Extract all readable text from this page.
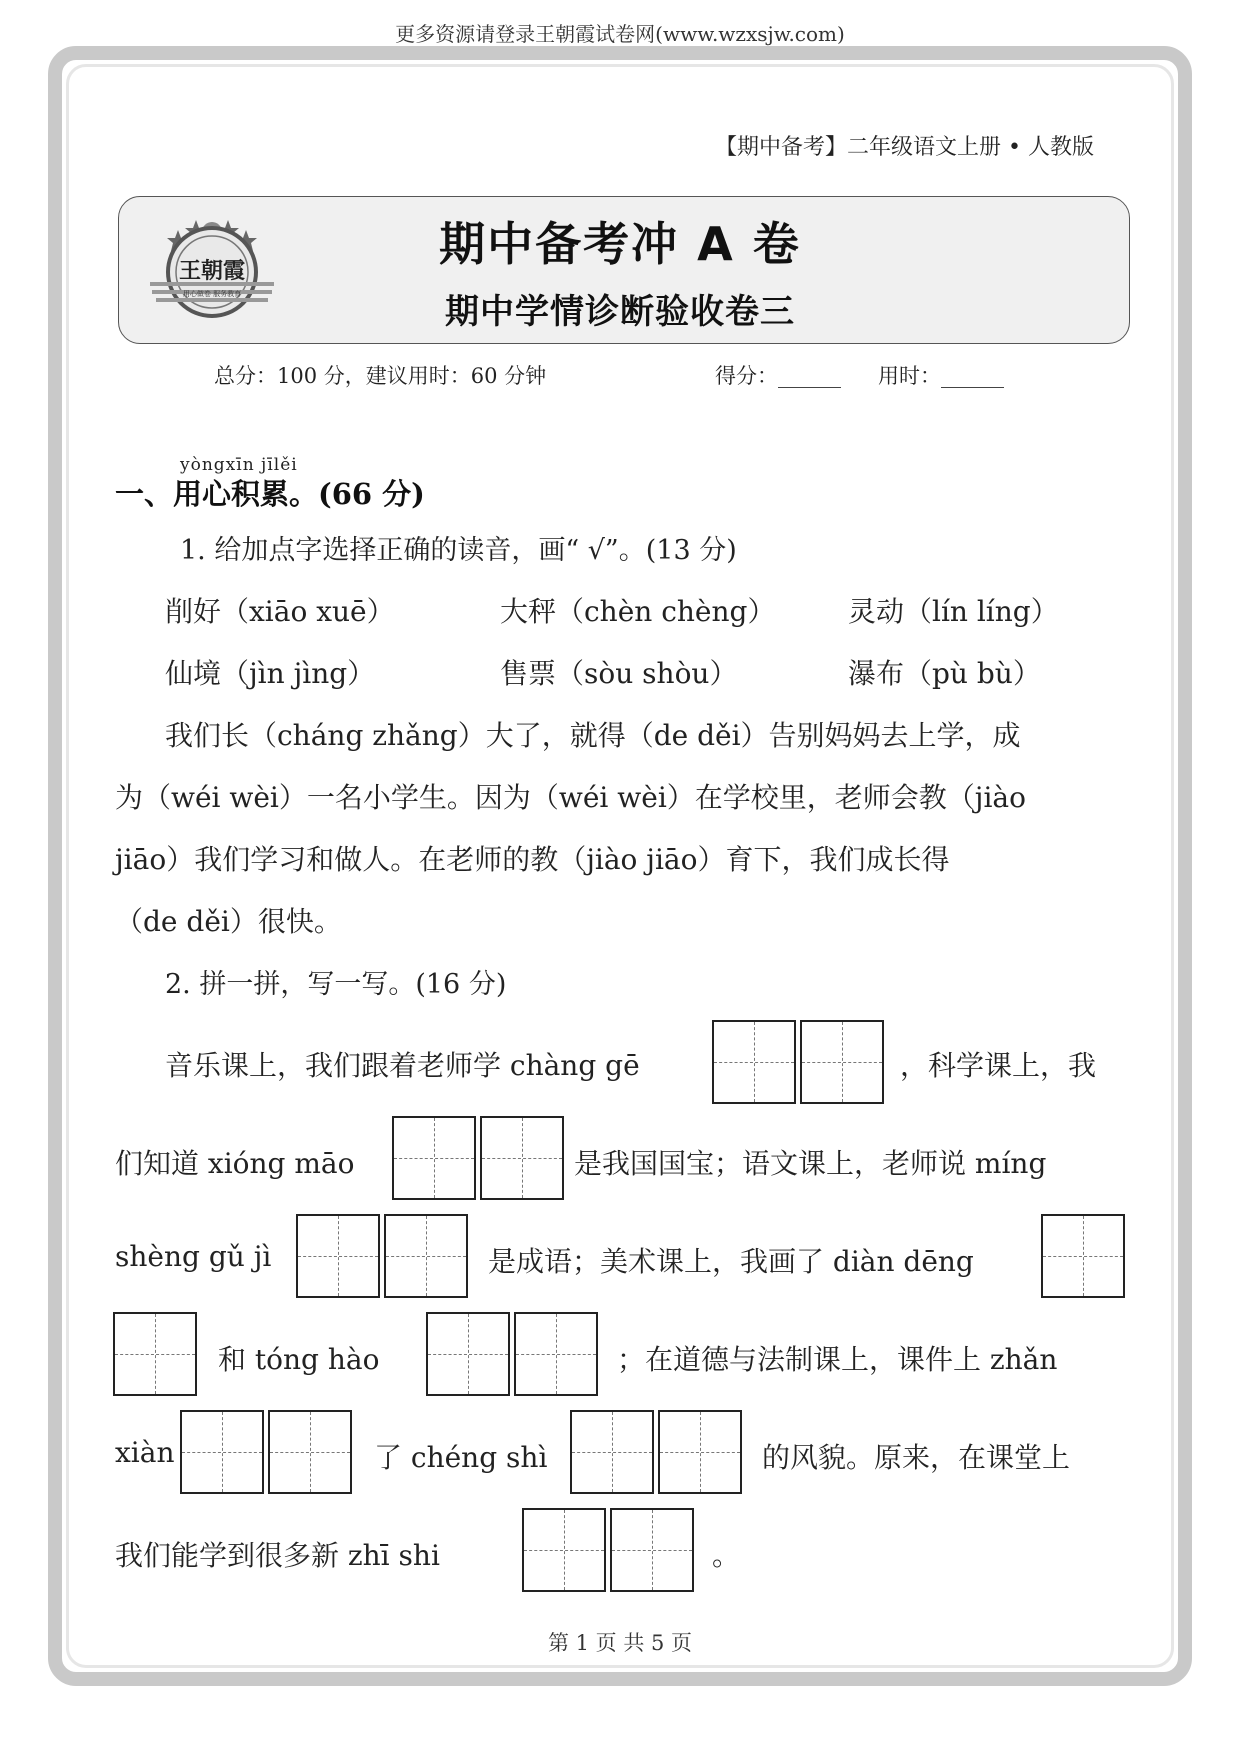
更多资源请登录王朝霞试卷网(www.wzxsjw.com)
【期中备考】二年级语文上册 • 人教版
王朝霞
用心做卷 服务教育
期中备考冲 A 卷
期中学情诊断验收卷三
总分：100 分，建议用时：60 分钟	得分：______ 用时：______
yòngxīn jīlěi
一、用心积累。(66 分)
1. 给加点字选择正确的读音，画“ √”。(13 分)
削好（xiāo xuē）	大秤（chèn chèng）	灵动（lín líng）
仙境（jìn jìng）	售票（sòu shòu）	瀑布（pù bù）
我们长（cháng zhǎng）大了，就得（de děi）告别妈妈去上学，成
为（wéi wèi）一名小学生。因为（wéi wèi）在学校里，老师会教（jiào
jiāo）我们学习和做人。在老师的教（jiào jiāo）育下，我们成长得
（de děi）很快。
2. 拼一拼，写一写。(16 分)
音乐课上，我们跟着老师学 chàng gē	，科学课上，我
们知道 xióng māo	是我国国宝；语文课上，老师说 míng
shèng gǔ jì	是成语；美术课上，我画了 diàn dēng
和 tóng hào	；在道德与法制课上，课件上 zhǎn
xiàn	了 chéng shì	的风貌。原来，在课堂上
我们能学到很多新 zhī shi	。
第 1 页 共 5 页
